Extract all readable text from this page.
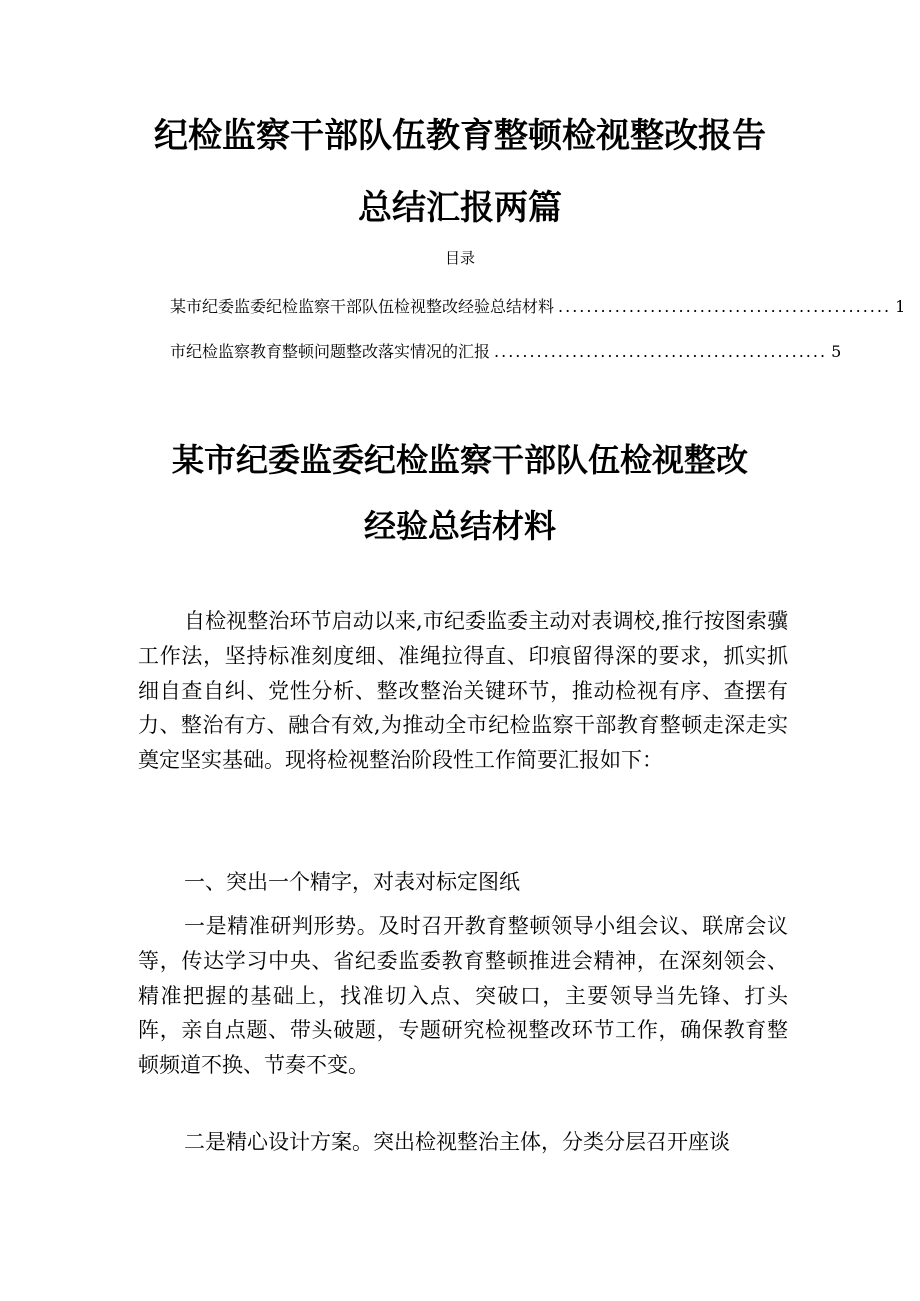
纪检监察干部队伍教育整顿检视整改报告
总结汇报两篇
目录
某市纪委监委纪检监察干部队伍检视整改经验总结材料 ............................................... 1
市纪检监察教育整顿问题整改落实情况的汇报 ............................................... 5
某市纪委监委纪检监察干部队伍检视整改
经验总结材料

自检视整治环节启动以来,市纪委监委主动对表调校,推行按图索骥工作法，坚持标准刻度细、准绳拉得直、印痕留得深的要求，抓实抓细自查自纠、党性分析、整改整治关键环节，推动检视有序、查摆有力、整治有方、融合有效,为推动全市纪检监察干部教育整顿走深走实奠定坚实基础。现将检视整治阶段性工作简要汇报如下：

一、突出一个精字，对表对标定图纸

一是精准研判形势。及时召开教育整顿领导小组会议、联席会议等，传达学习中央、省纪委监委教育整顿推进会精神，在深刻领会、精准把握的基础上，找准切入点、突破口，主要领导当先锋、打头阵，亲自点题、带头破题，专题研究检视整改环节工作，确保教育整顿频道不换、节奏不变。

二是精心设计方案。突出检视整治主体，分类分层召开座谈
